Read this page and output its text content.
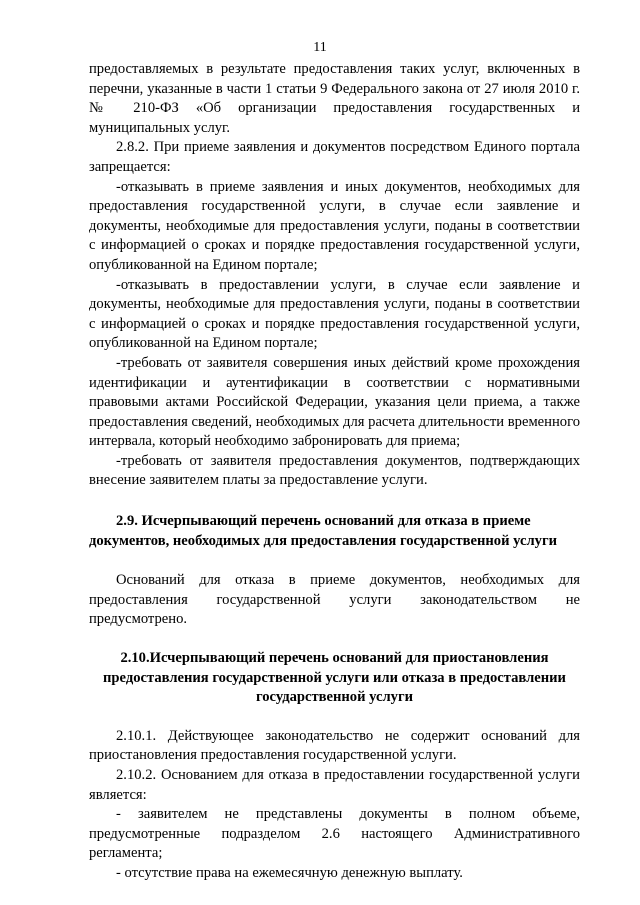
11

предоставляемых в результате предоставления таких услуг, включенных в перечни, указанные в части 1 статьи 9 Федерального закона от 27 июля 2010 г. № 210-ФЗ «Об организации предоставления государственных и муниципальных услуг.

2.8.2. При приеме заявления и документов посредством Единого портала запрещается:

-отказывать в приеме заявления и иных документов, необходимых для предоставления государственной услуги, в случае если заявление и документы, необходимые для предоставления услуги, поданы в соответствии с информацией о сроках и порядке предоставления государственной услуги, опубликованной на Едином портале;

-отказывать в предоставлении услуги, в случае если заявление и документы, необходимые для предоставления услуги, поданы в соответствии с информацией о сроках и порядке предоставления государственной услуги, опубликованной на Едином портале;

-требовать от заявителя совершения иных действий кроме прохождения идентификации и аутентификации в соответствии с нормативными правовыми актами Российской Федерации, указания цели приема, а также предоставления сведений, необходимых для расчета длительности временного интервала, который необходимо забронировать для приема;

-требовать от заявителя предоставления документов, подтверждающих внесение заявителем платы за предоставление услуги.

2.9. Исчерпывающий перечень оснований для отказа в приеме документов, необходимых для предоставления государственной услуги

Оснований для отказа в приеме документов, необходимых для предоставления государственной услуги законодательством не предусмотрено.

2.10.Исчерпывающий перечень оснований для приостановления предоставления государственной услуги или отказа в предоставлении государственной услуги

2.10.1. Действующее законодательство не содержит оснований для приостановления предоставления государственной услуги.

2.10.2. Основанием для отказа в предоставлении государственной услуги является:

- заявителем не представлены документы в полном объеме, предусмотренные подразделом 2.6 настоящего Административного регламента;

- отсутствие права на ежемесячную денежную выплату.
